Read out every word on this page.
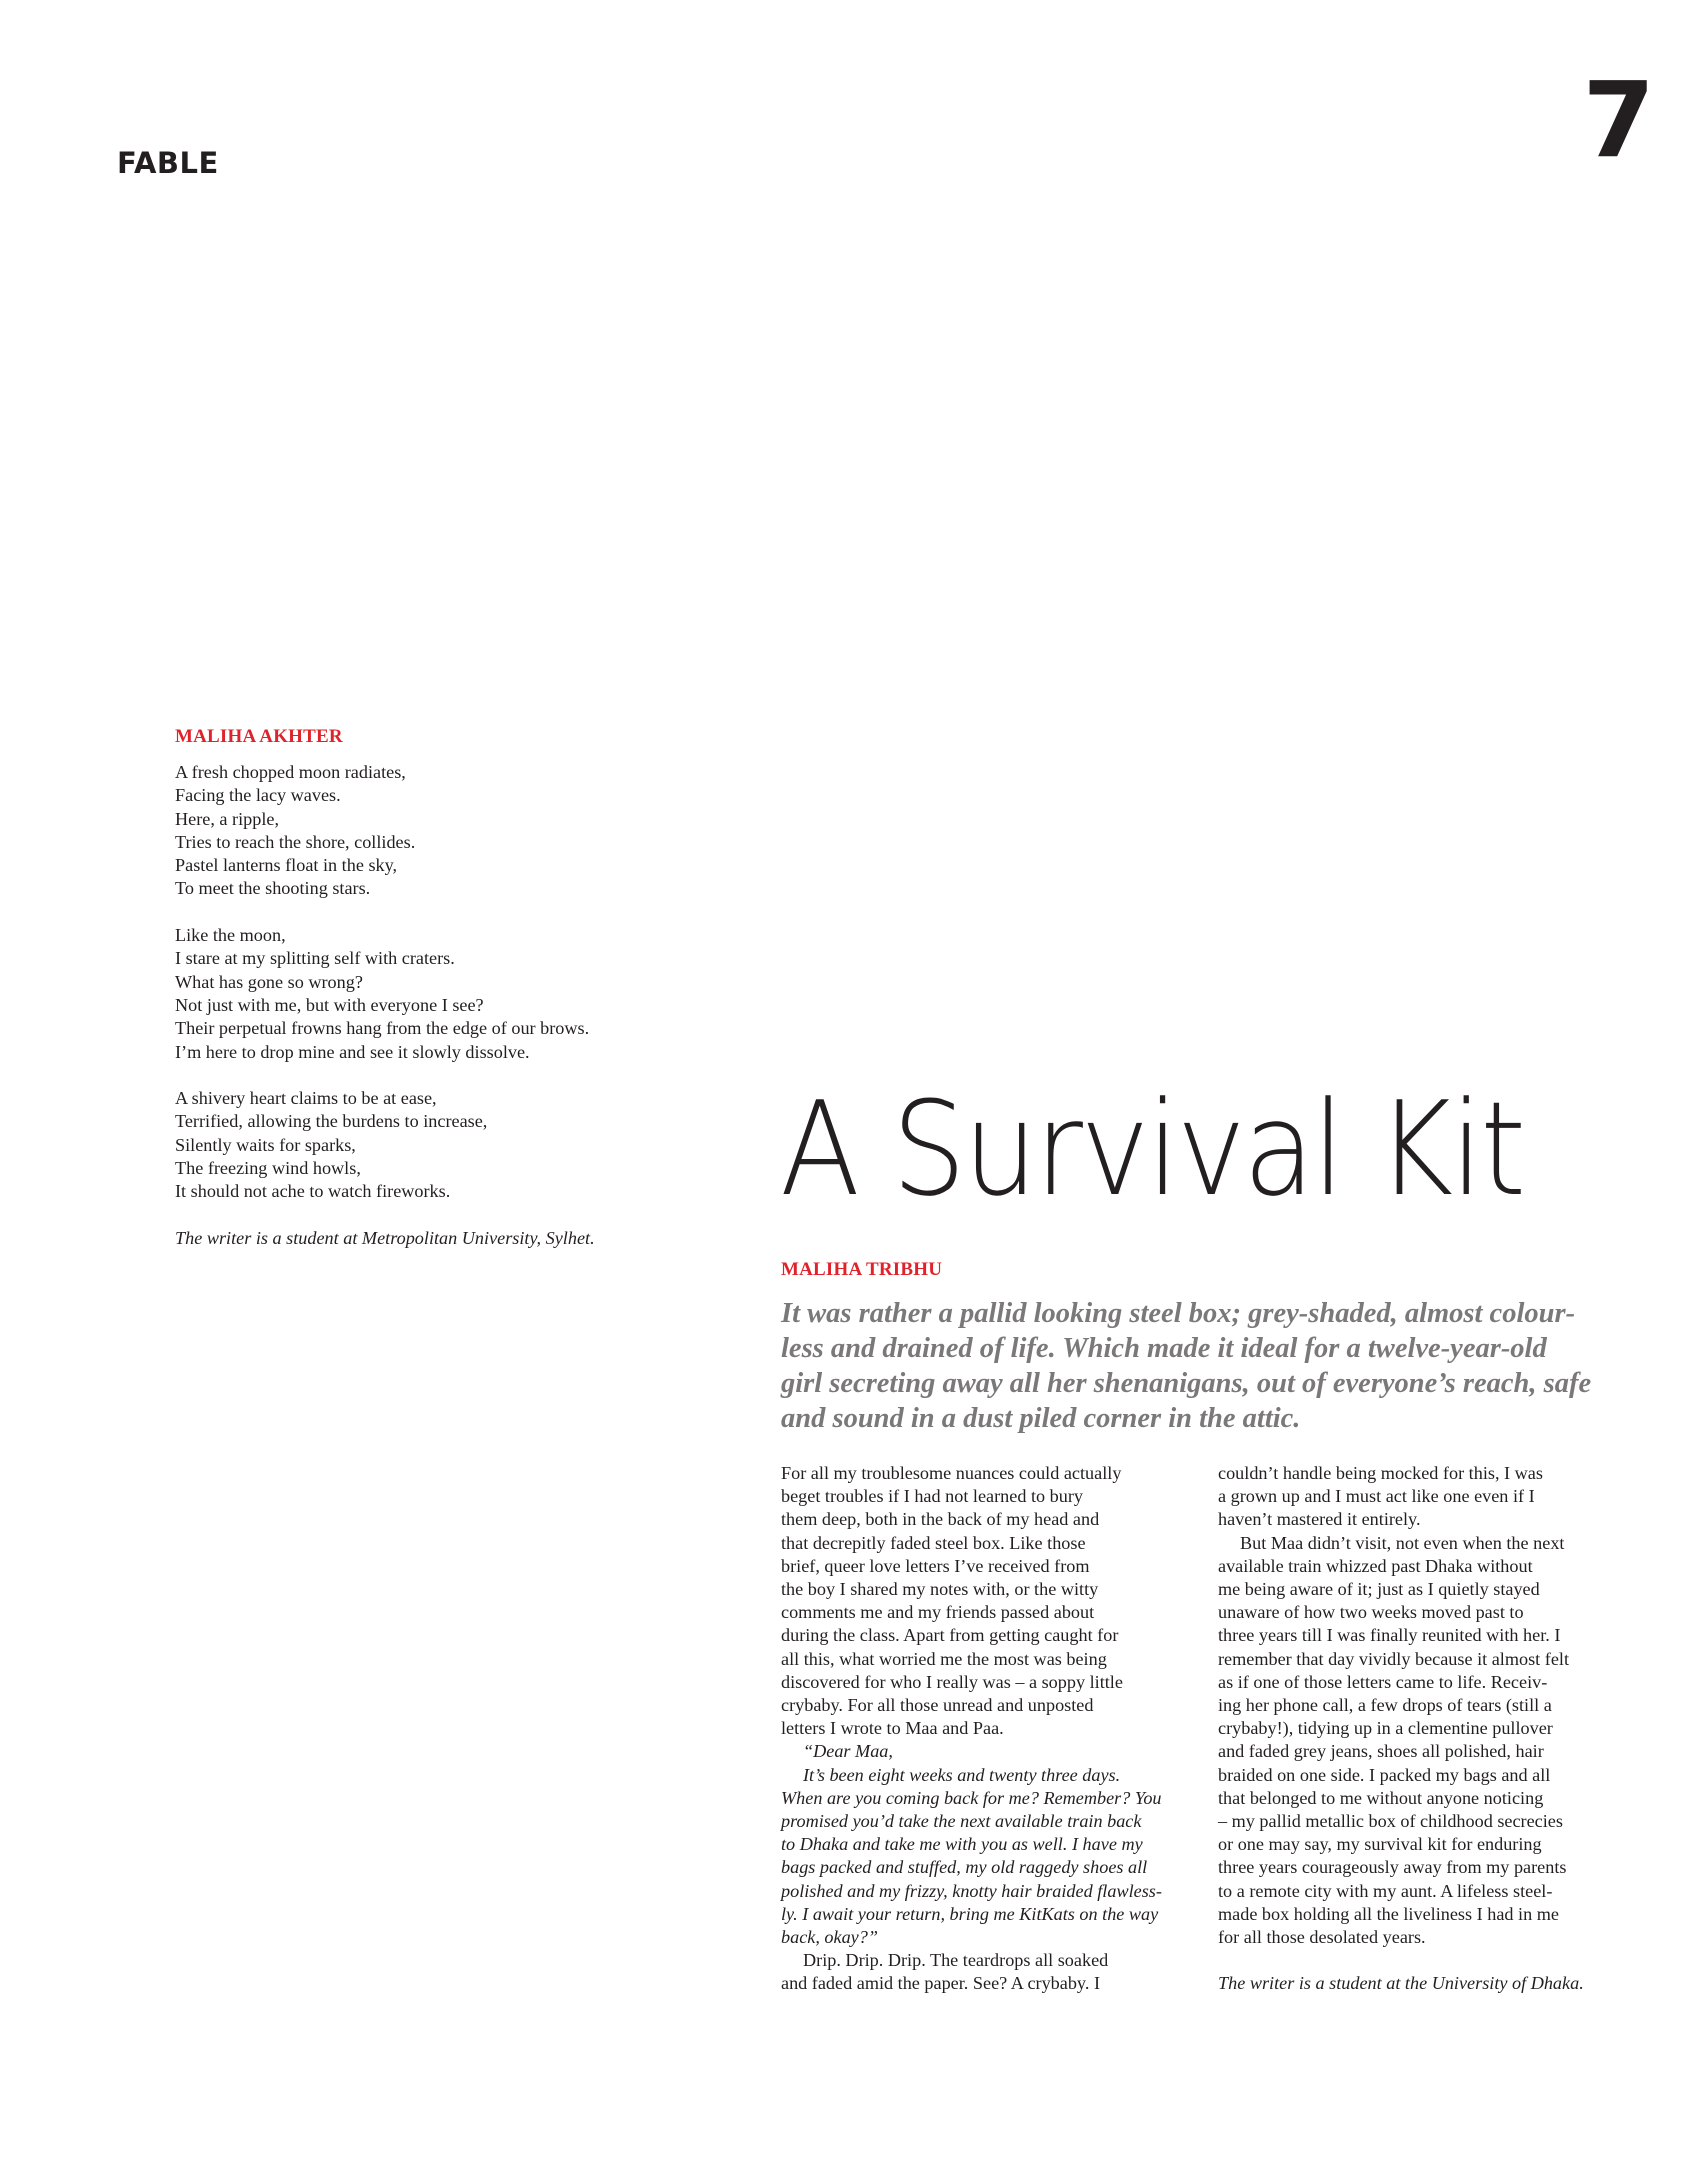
FABLE	7
MALIHA AKHTER
A fresh chopped moon radiates,
Facing the lacy waves.
Here, a ripple,
Tries to reach the shore, collides.
Pastel lanterns float in the sky,
To meet the shooting stars.
Like the moon,
I stare at my splitting self with craters.
What has gone so wrong?
Not just with me, but with everyone I see?
Their perpetual frowns hang from the edge of our brows.
I’m here to drop mine and see it slowly dissolve.
A shivery heart claims to be at ease,
Terrified, allowing the burdens to increase,
Silently waits for sparks,
The freezing wind howls,
It should not ache to watch fireworks.

The writer is a student at Metropolitan University, Sylhet.

A Survival Kit
MALIHA TRIBHU
It was rather a pallid looking steel box; grey-shaded, almost colour-
less and drained of life. Which made it ideal for a twelve-year-old
girl secreting away all her shenanigans, out of everyone’s reach, safe
and sound in a dust piled corner in the attic.
For all my troublesome nuances could actually
beget troubles if I had not learned to bury
them deep, both in the back of my head and
that decrepitly faded steel box. Like those
brief, queer love letters I’ve received from
the boy I shared my notes with, or the witty
comments me and my friends passed about
during the class. Apart from getting caught for
all this, what worried me the most was being
discovered for who I really was – a soppy little
crybaby. For all those unread and unposted
letters I wrote to Maa and Paa.
“Dear Maa,
It’s been eight weeks and twenty three days.
When are you coming back for me? Remember? You
promised you’d take the next available train back
to Dhaka and take me with you as well. I have my
bags packed and stuffed, my old raggedy shoes all
polished and my frizzy, knotty hair braided flawless-
ly. I await your return, bring me KitKats on the way
back, okay?”
Drip. Drip. Drip. The teardrops all soaked
and faded amid the paper. See? A crybaby. I
couldn’t handle being mocked for this, I was
a grown up and I must act like one even if I
haven’t mastered it entirely.
But Maa didn’t visit, not even when the next
available train whizzed past Dhaka without
me being aware of it; just as I quietly stayed
unaware of how two weeks moved past to
three years till I was finally reunited with her. I
remember that day vividly because it almost felt
as if one of those letters came to life. Receiv-
ing her phone call, a few drops of tears (still a
crybaby!), tidying up in a clementine pullover
and faded grey jeans, shoes all polished, hair
braided on one side. I packed my bags and all
that belonged to me without anyone noticing
– my pallid metallic box of childhood secrecies
or one may say, my survival kit for enduring
three years courageously away from my parents
to a remote city with my aunt. A lifeless steel-
made box holding all the liveliness I had in me
for all those desolated years.
The writer is a student at the University of Dhaka.
